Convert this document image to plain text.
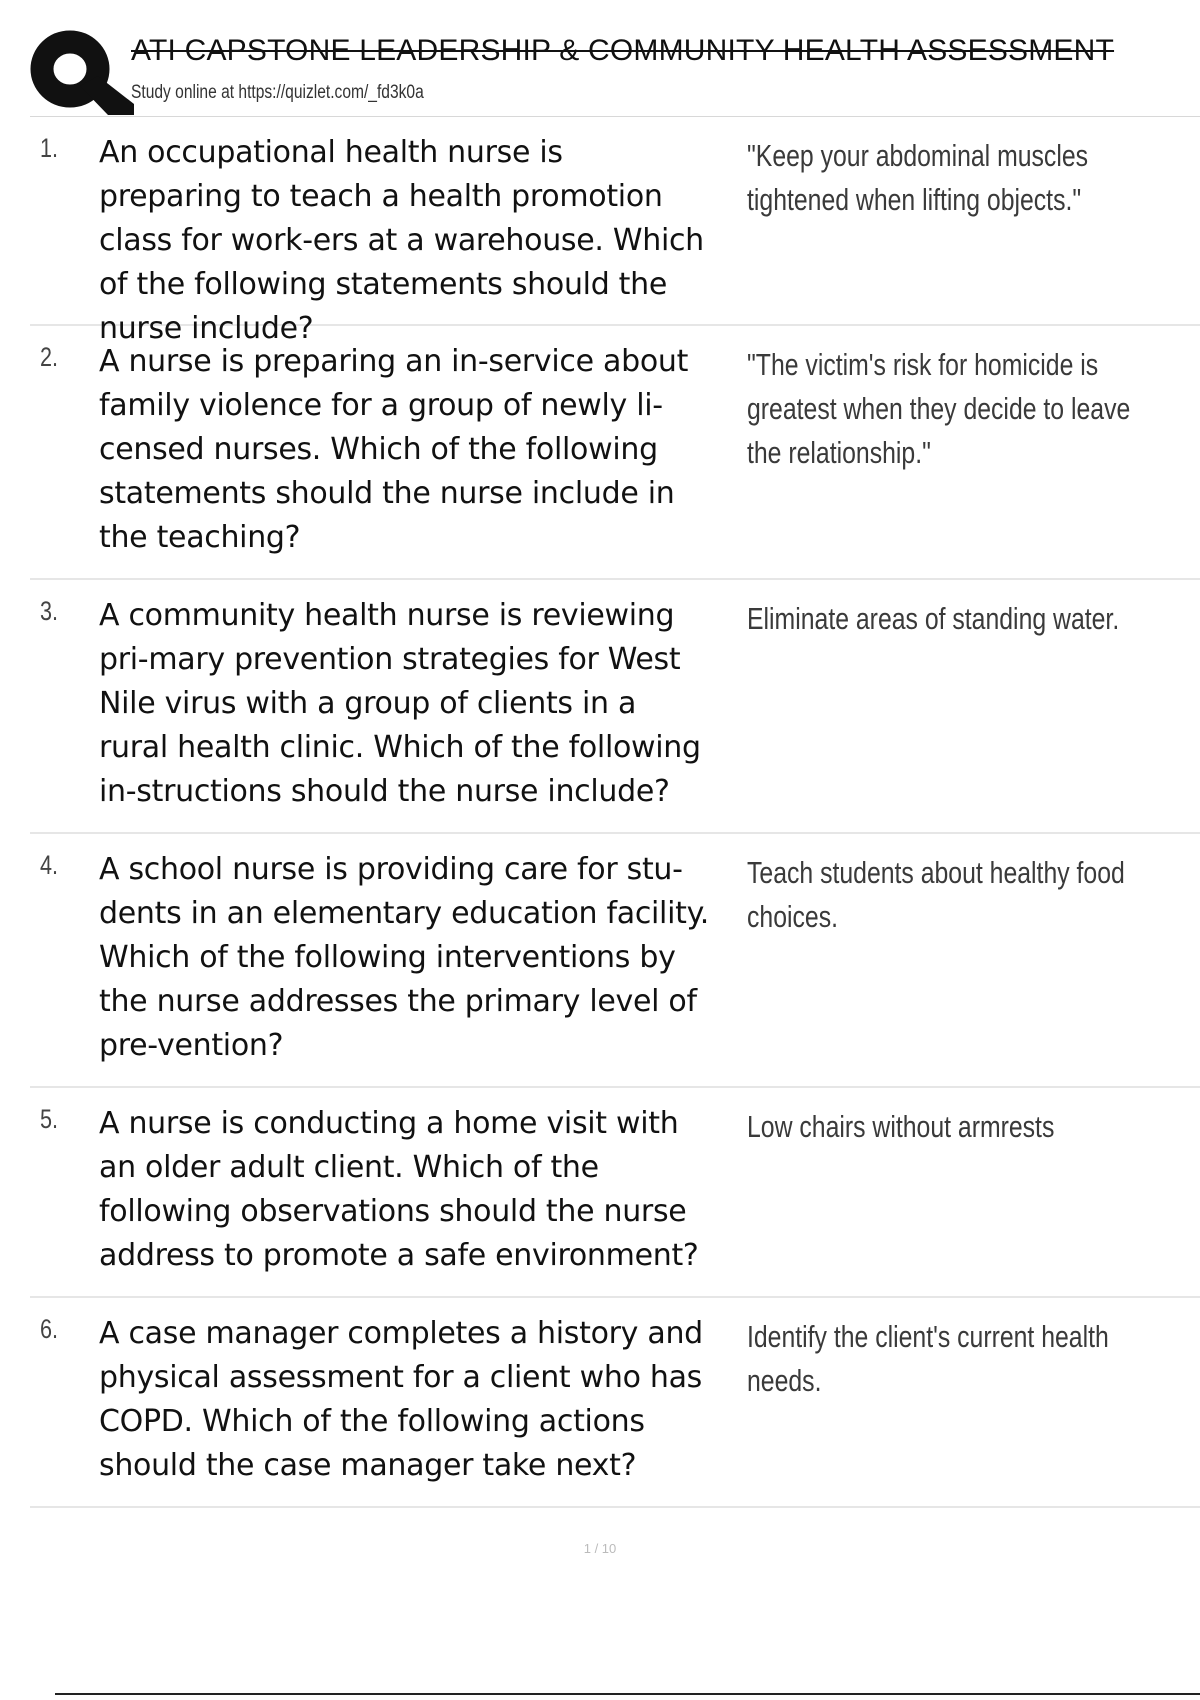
ATI CAPSTONE LEADERSHIP & COMMUNITY HEALTH ASSESSMENT
Study online at https://quizlet.com/_fd3k0a
1. An occupational health nurse is preparing to teach a health promotion class for work-ers at a warehouse. Which of the following statements should the nurse include?
"Keep your abdominal muscles tightened when lifting objects."
2. A nurse is preparing an in-service about family violence for a group of newly li-censed nurses. Which of the following statements should the nurse include in the teaching?
"The victim's risk for homicide is greatest when they decide to leave the relationship."
3. A community health nurse is reviewing pri-mary prevention strategies for West Nile virus with a group of clients in a rural health clinic. Which of the following in-structions should the nurse include?
Eliminate areas of standing water.
4. A school nurse is providing care for stu-dents in an elementary education facility. Which of the following interventions by the nurse addresses the primary level of pre-vention?
Teach students about healthy food choices.
5. A nurse is conducting a home visit with an older adult client. Which of the following observations should the nurse address to promote a safe environment?
Low chairs without armrests
6. A case manager completes a history and physical assessment for a client who has COPD. Which of the following actions should the case manager take next?
Identify the client's current health needs.
1 / 10
